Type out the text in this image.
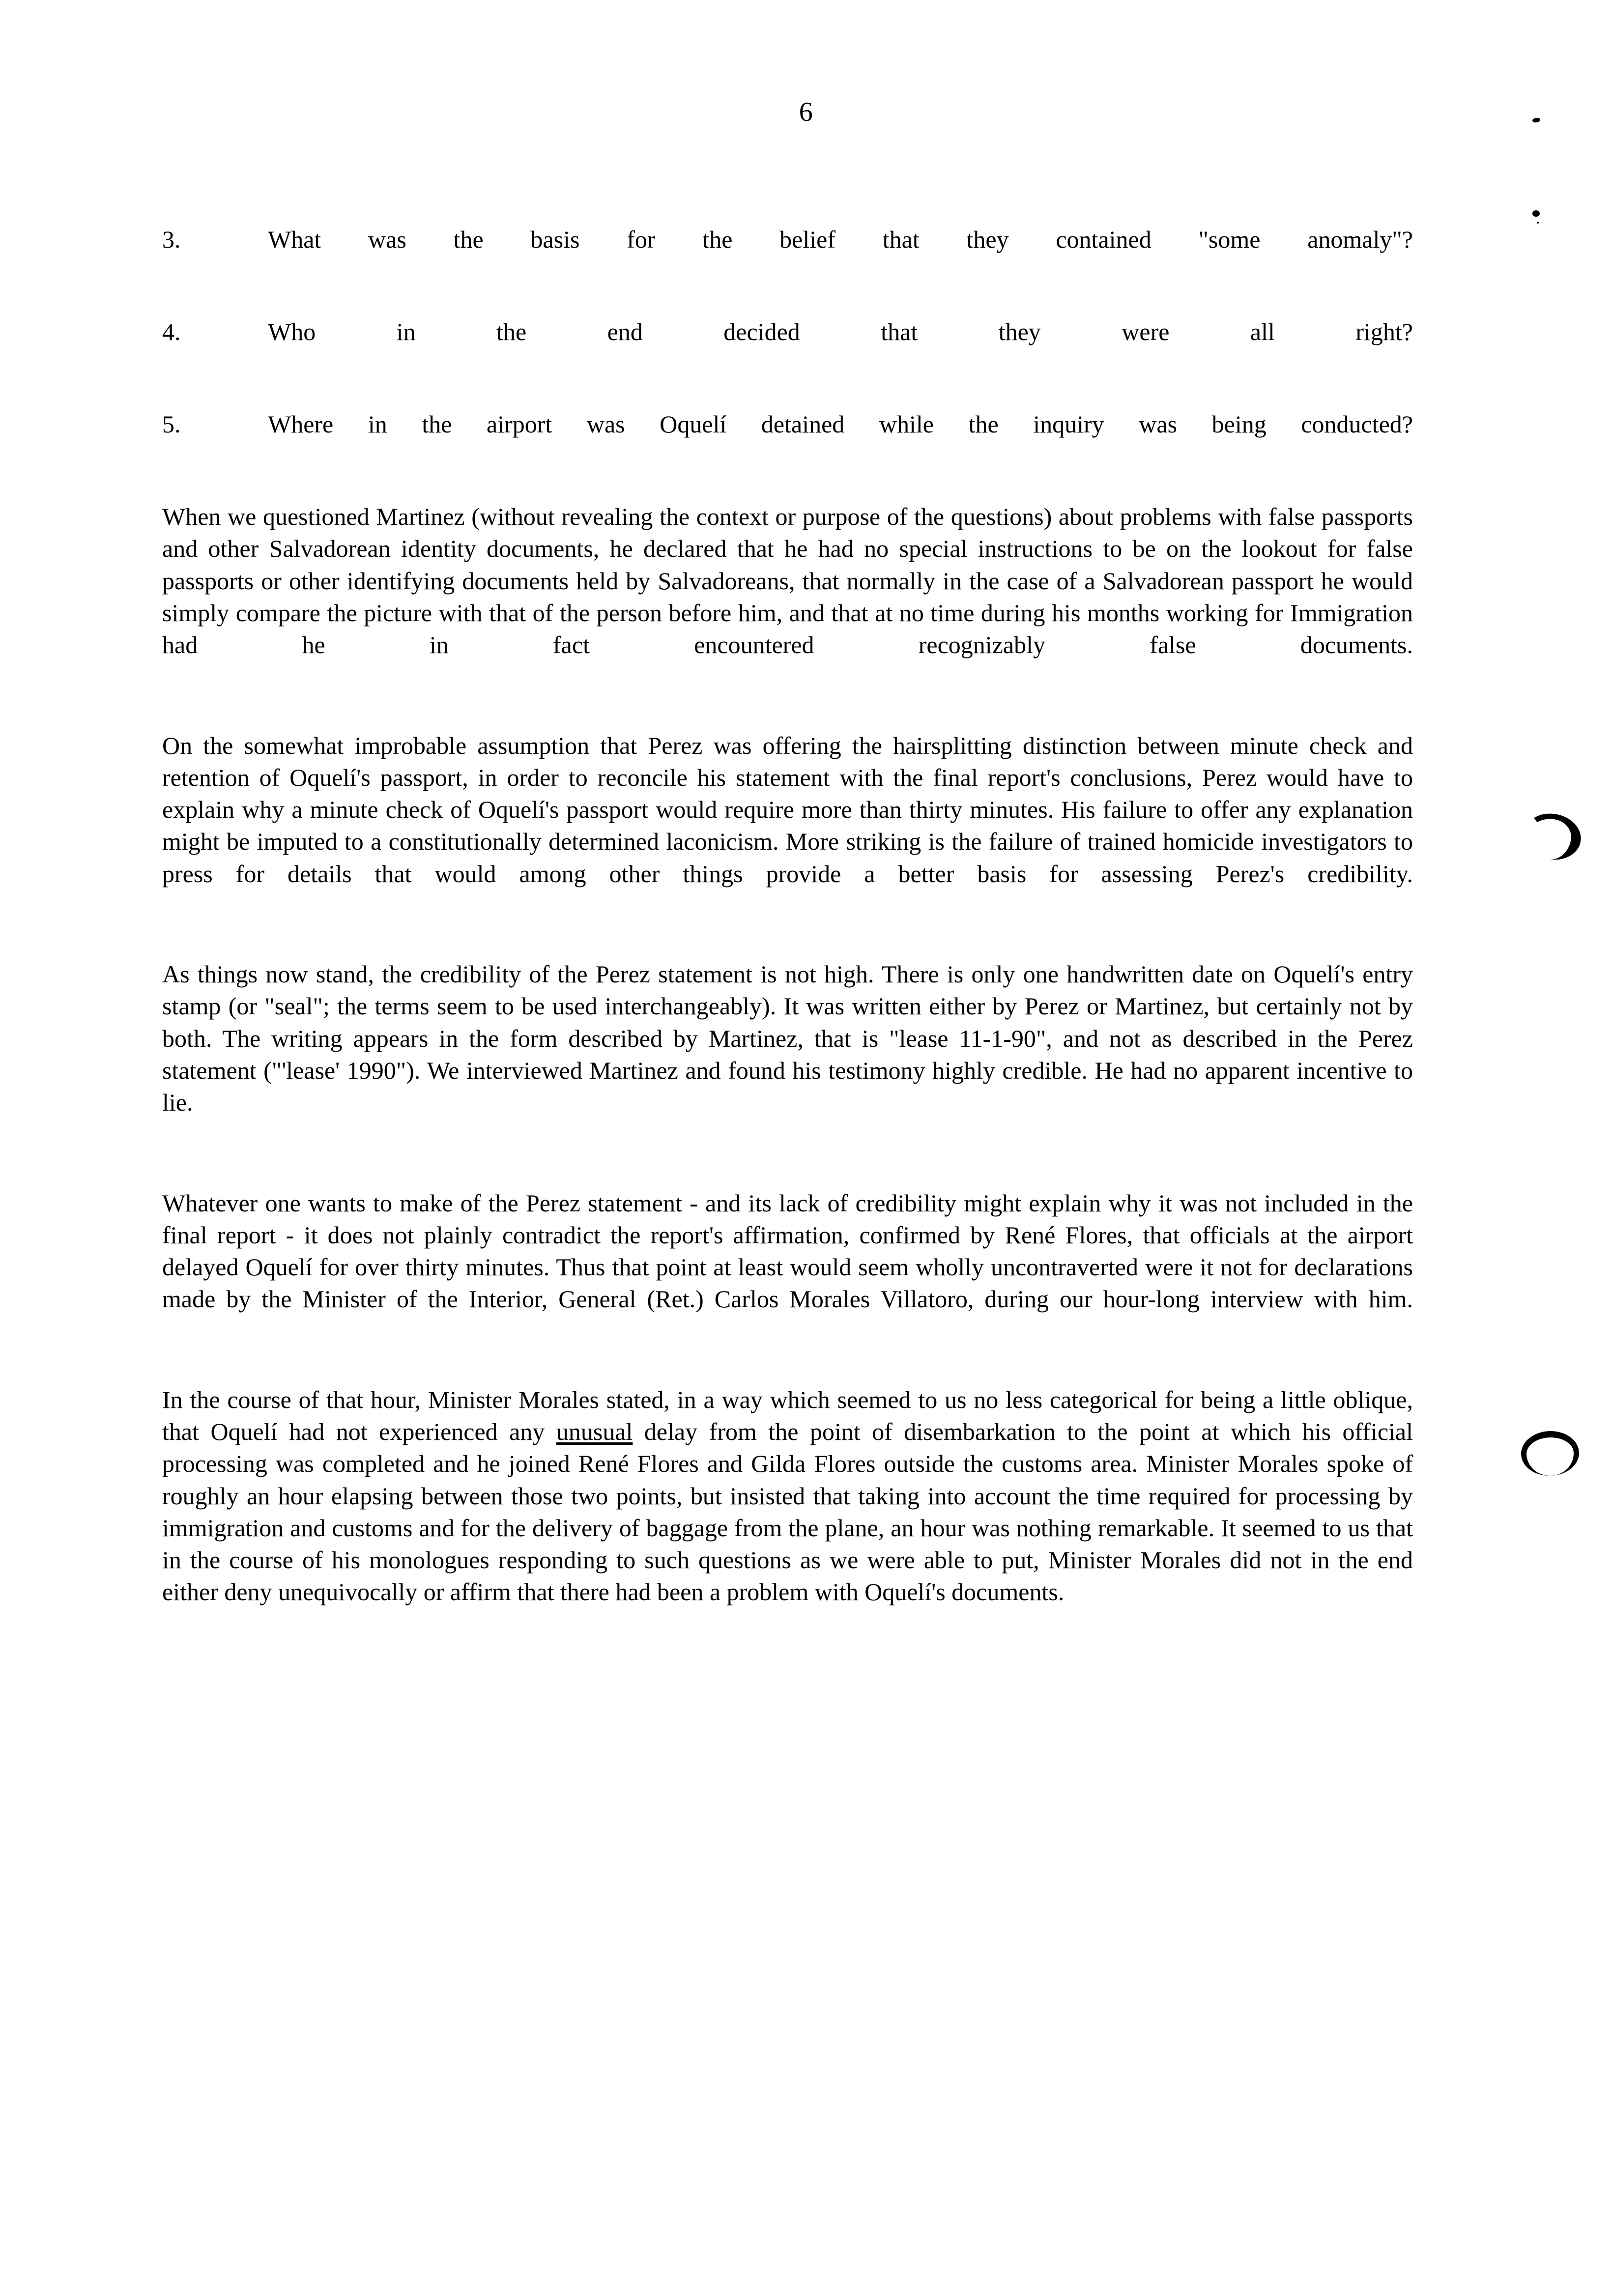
6
3.	What was the basis for the belief that they contained "some anomaly"?
4.	Who in the end decided that they were all right?
5.	Where in the airport was Oquelí detained while the inquiry was being conducted?

When we questioned Martinez (without revealing the context or purpose of the questions) about problems with false passports and other Salvadorean identity documents, he declared that he had no special instructions to be on the lookout for false passports or other identifying documents held by Salvadoreans, that normally in the case of a Salvadorean passport he would simply compare the picture with that of the person before him, and that at no time during his months working for Immigration had he in fact encountered recognizably false documents.

On the somewhat improbable assumption that Perez was offering the hairsplitting distinction between minute check and retention of Oquelí's passport, in order to reconcile his statement with the final report's conclusions, Perez would have to explain why a minute check of Oquelí's passport would require more than thirty minutes. His failure to offer any explanation might be imputed to a constitutionally determined laconicism. More striking is the failure of trained homicide investigators to press for details that would among other things provide a better basis for assessing Perez's credibility.

As things now stand, the credibility of the Perez statement is not high. There is only one handwritten date on Oquelí's entry stamp (or "seal"; the terms seem to be used interchangeably). It was written either by Perez or Martinez, but certainly not by both. The writing appears in the form described by Martinez, that is "lease 11-1-90", and not as described in the Perez statement ("'lease' 1990"). We interviewed Martinez and found his testimony highly credible. He had no apparent incentive to lie.

Whatever one wants to make of the Perez statement - and its lack of credibility might explain why it was not included in the final report - it does not plainly contradict the report's affirmation, confirmed by René Flores, that officials at the airport delayed Oquelí for over thirty minutes. Thus that point at least would seem wholly uncontraverted were it not for declarations made by the Minister of the Interior, General (Ret.) Carlos Morales Villatoro, during our hour-long interview with him.

In the course of that hour, Minister Morales stated, in a way which seemed to us no less categorical for being a little oblique, that Oquelí had not experienced any unusual delay from the point of disembarkation to the point at which his official processing was completed and he joined René Flores and Gilda Flores outside the customs area. Minister Morales spoke of roughly an hour elapsing between those two points, but insisted that taking into account the time required for processing by immigration and customs and for the delivery of baggage from the plane, an hour was nothing remarkable. It seemed to us that in the course of his monologues responding to such questions as we were able to put, Minister Morales did not in the end either deny unequivocally or affirm that there had been a problem with Oquelí's documents.
